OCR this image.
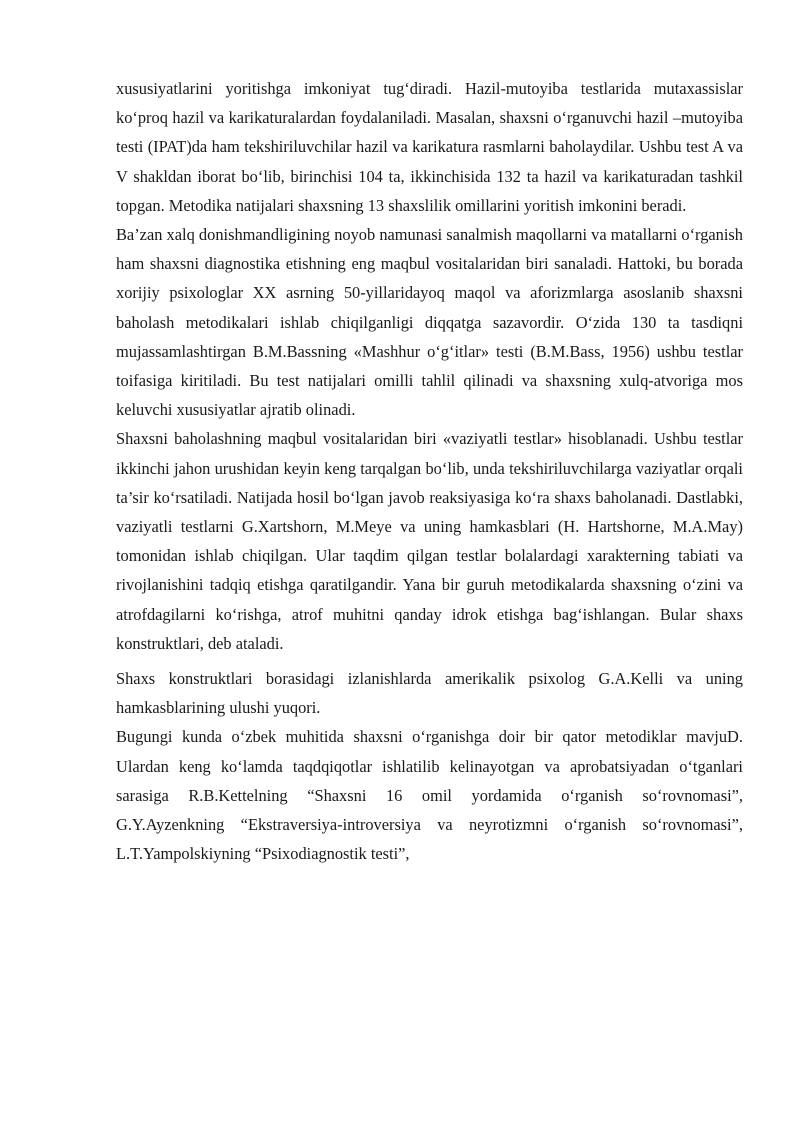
xususiyatlarini yoritishga imkoniyat tug‘diradi. Hazil-mutoyiba testlarida mutaxassislar ko‘proq hazil va karikaturalardan foydalaniladi. Masalan, shaxsni o‘rganuvchi hazil –mutoyiba testi (IPAT)da ham tekshiriluvchilar hazil va karikatura rasmlarni baholaydilar. Ushbu test A va V shakldan iborat bo‘lib, birinchisi 104 ta, ikkinchisida 132 ta hazil va karikaturadan tashkil topgan. Metodika natijalari shaxsning 13 shaxslilik omillarini yoritish imkonini beradi.

Ba’zan xalq donishmandligining noyob namunasi sanalmish maqollarni va matallarni o‘rganish ham shaxsni diagnostika etishning eng maqbul vositalaridan biri sanaladi. Hattoki, bu borada xorijiy psixologlar XX asrning 50-yillaridayoq maqol va aforizmlarga asoslanib shaxsni baholash metodikalari ishlab chiqilganligi diqqatga sazavordir. O‘zida 130 ta tasdiqni mujassamlashtirgan B.M.Bassning «Mashhur o‘g‘itlar» testi (B.M.Bass, 1956) ushbu testlar toifasiga kiritiladi. Bu test natijalari omilli tahlil qilinadi va shaxsning xulq-atvoriga mos keluvchi xususiyatlar ajratib olinadi.

Shaxsni baholashning maqbul vositalaridan biri «vaziyatli testlar» hisoblanadi. Ushbu testlar ikkinchi jahon urushidan keyin keng tarqalgan bo‘lib, unda tekshiriluvchilarga vaziyatlar orqali ta’sir ko‘rsatiladi. Natijada hosil bo‘lgan javob reaksiyasiga ko‘ra shaxs baholanadi. Dastlabki, vaziyatli testlarni G.Xartshorn, M.Meye va uning hamkasblari (H. Hartshorne, M.A.May) tomonidan ishlab chiqilgan. Ular taqdim qilgan testlar bolalardagi xarakterning tabiati va rivojlanishini tadqiq etishga qaratilgandir. Yana bir guruh metodikalarda shaxsning o‘zini va atrofdagilarni ko‘rishga, atrof muhitni qanday idrok etishga bag‘ishlangan. Bular shaxs konstruktlari, deb ataladi.

Shaxs konstruktlari borasidagi izlanishlarda amerikalik psixolog G.A.Kelli va uning hamkasblarining ulushi yuqori.

Bugungi kunda o‘zbek muhitida shaxsni o‘rganishga doir bir qator metodiklar mavjuD. Ulardan keng ko‘lamda taqdqiqotlar ishlatilib kelinayotgan va aprobatsiyadan o‘tganlari sarasiga R.B.Kettelning “Shaxsni 16 omil yordamida o‘rganish so‘rovnomasi”, G.Y.Ayzenkning “Ekstraversiya-introversiya va neyrotizmni o‘rganish so‘rovnomasi”, L.T.Yampolskiyning “Psixodiagnostik testi”,
